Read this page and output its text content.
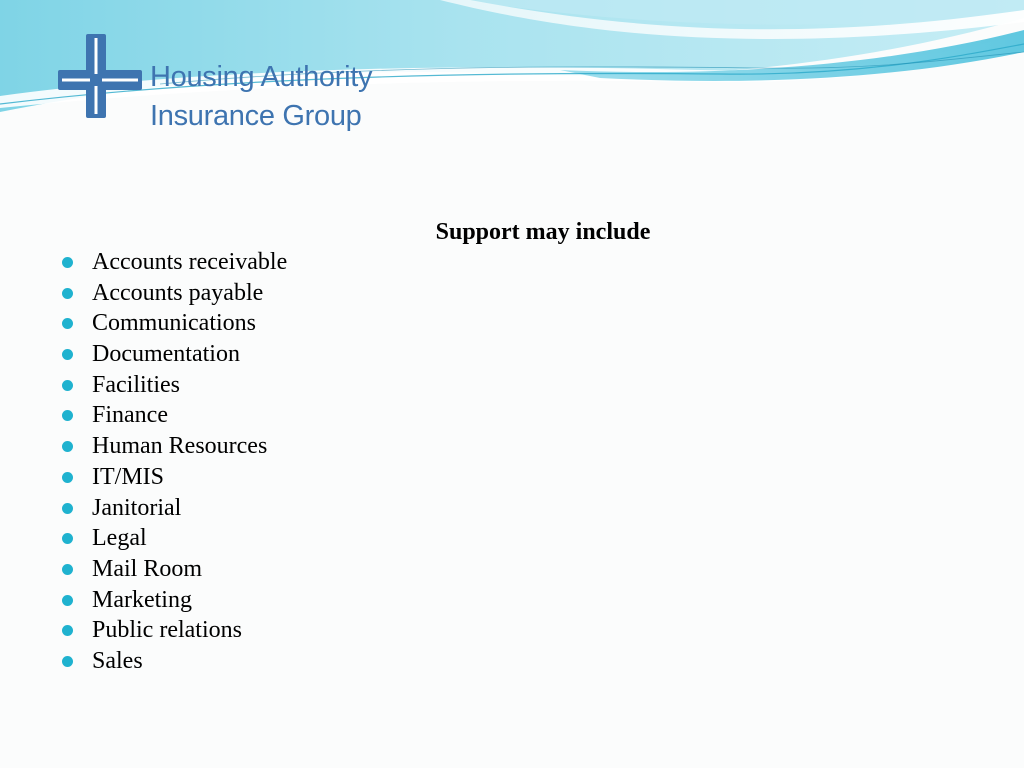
Housing Authority
Insurance Group
Support may include
Accounts receivable
Accounts payable
Communications
Documentation
Facilities
Finance
Human Resources
IT/MIS
Janitorial
Legal
Mail Room
Marketing
Public relations
Sales
